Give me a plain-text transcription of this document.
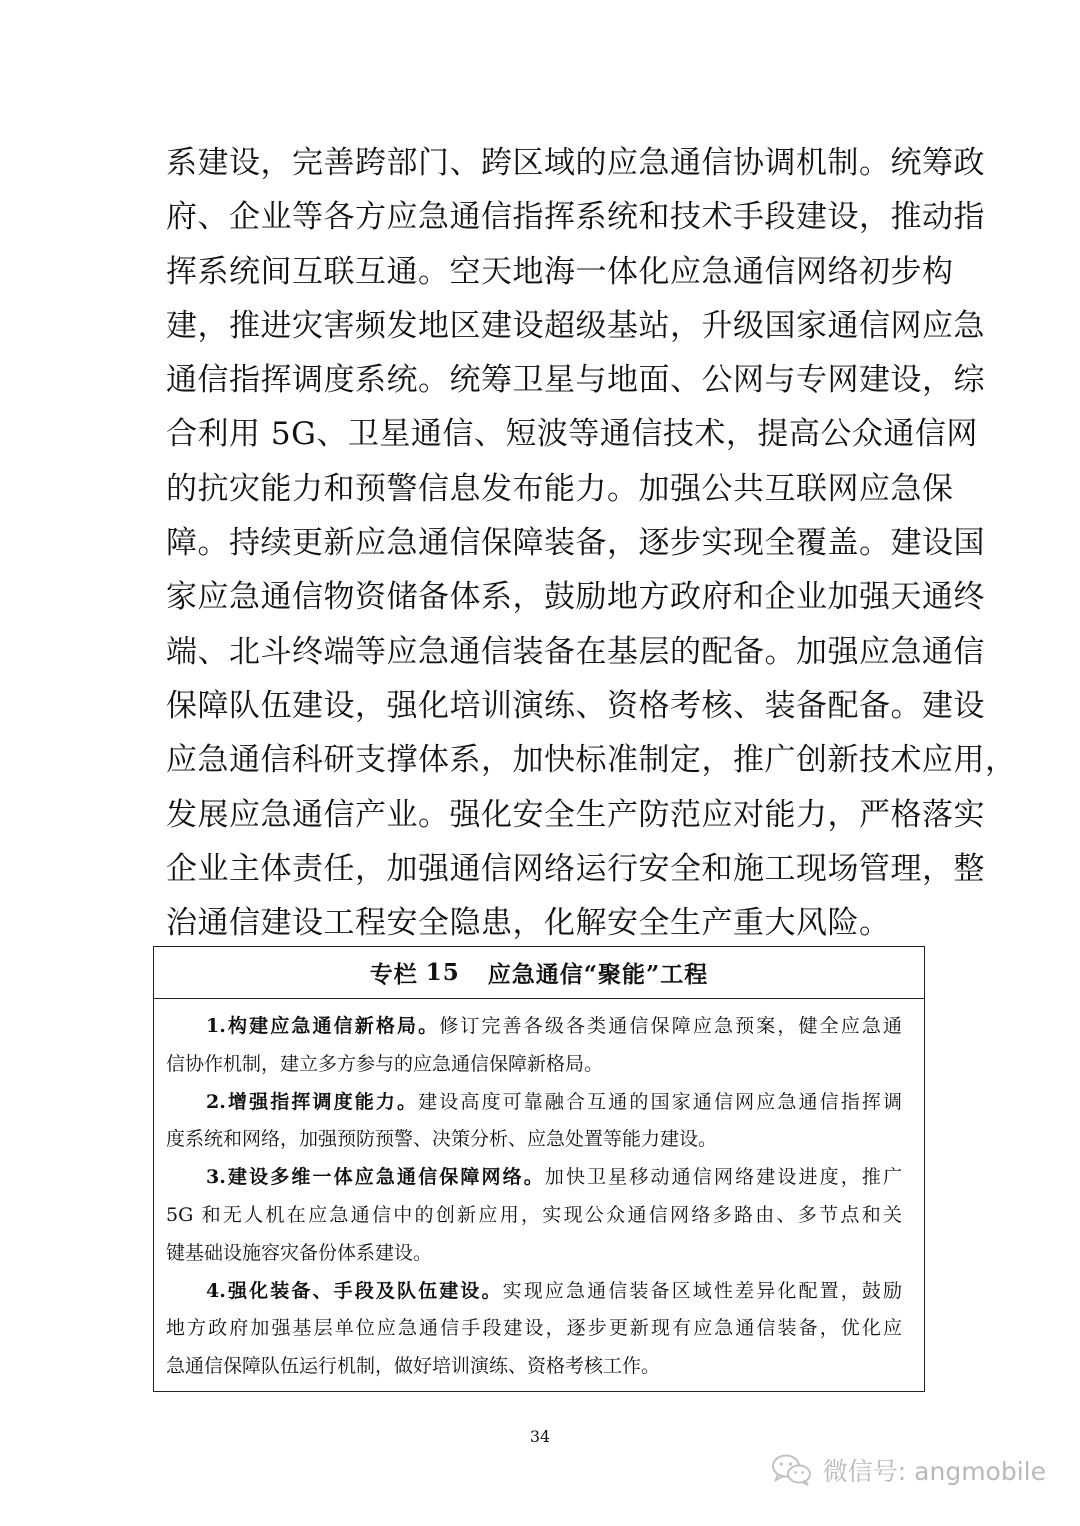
系建设，完善跨部门、跨区域的应急通信协调机制。统筹政
府、企业等各方应急通信指挥系统和技术手段建设，推动指
挥系统间互联互通。空天地海一体化应急通信网络初步构
建，推进灾害频发地区建设超级基站，升级国家通信网应急
通信指挥调度系统。统筹卫星与地面、公网与专网建设，综
合利用 5G、卫星通信、短波等通信技术，提高公众通信网
的抗灾能力和预警信息发布能力。加强公共互联网应急保
障。持续更新应急通信保障装备，逐步实现全覆盖。建设国
家应急通信物资储备体系，鼓励地方政府和企业加强天通终
端、北斗终端等应急通信装备在基层的配备。加强应急通信
保障队伍建设，强化培训演练、资格考核、装备配备。建设
应急通信科研支撑体系，加快标准制定，推广创新技术应用，
发展应急通信产业。强化安全生产防范应对能力，严格落实
企业主体责任，加强通信网络运行安全和施工现场管理，整
治通信建设工程安全隐患，化解安全生产重大风险。
专栏 15 应急通信“聚能”工程
1.构建应急通信新格局。修订完善各级各类通信保障应急预案，健全应急通
信协作机制，建立多方参与的应急通信保障新格局。
2.增强指挥调度能力。建设高度可靠融合互通的国家通信网应急通信指挥调
度系统和网络，加强预防预警、决策分析、应急处置等能力建设。
3.建设多维一体应急通信保障网络。加快卫星移动通信网络建设进度，推广
5G 和无人机在应急通信中的创新应用，实现公众通信网络多路由、多节点和关
键基础设施容灾备份体系建设。
4.强化装备、手段及队伍建设。实现应急通信装备区域性差异化配置，鼓励
地方政府加强基层单位应急通信手段建设，逐步更新现有应急通信装备，优化应
急通信保障队伍运行机制，做好培训演练、资格考核工作。
34
微信号: angmobile
